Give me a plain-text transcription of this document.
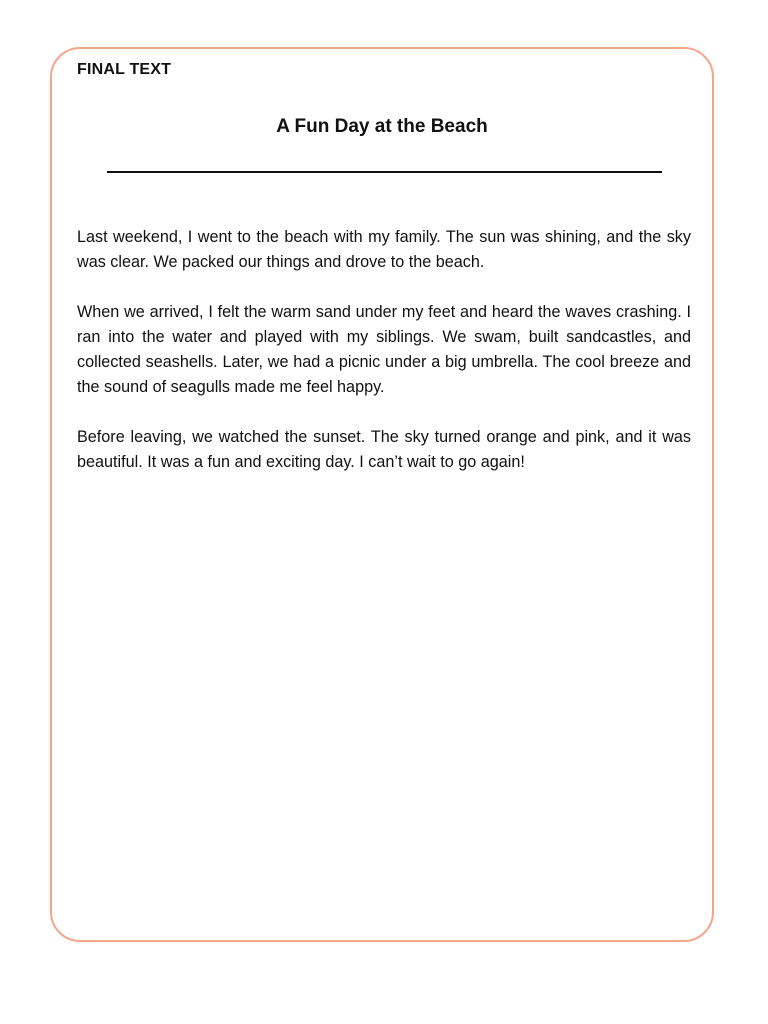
FINAL TEXT
A Fun Day at the Beach

Last weekend, I went to the beach with my family. The sun was shining, and the sky was clear. We packed our things and drove to the beach.

When we arrived, I felt the warm sand under my feet and heard the waves crashing. I ran into the water and played with my siblings. We swam, built sandcastles, and collected seashells. Later, we had a picnic under a big umbrella. The cool breeze and the sound of seagulls made me feel happy.

Before leaving, we watched the sunset. The sky turned orange and pink, and it was beautiful. It was a fun and exciting day. I can’t wait to go again!
